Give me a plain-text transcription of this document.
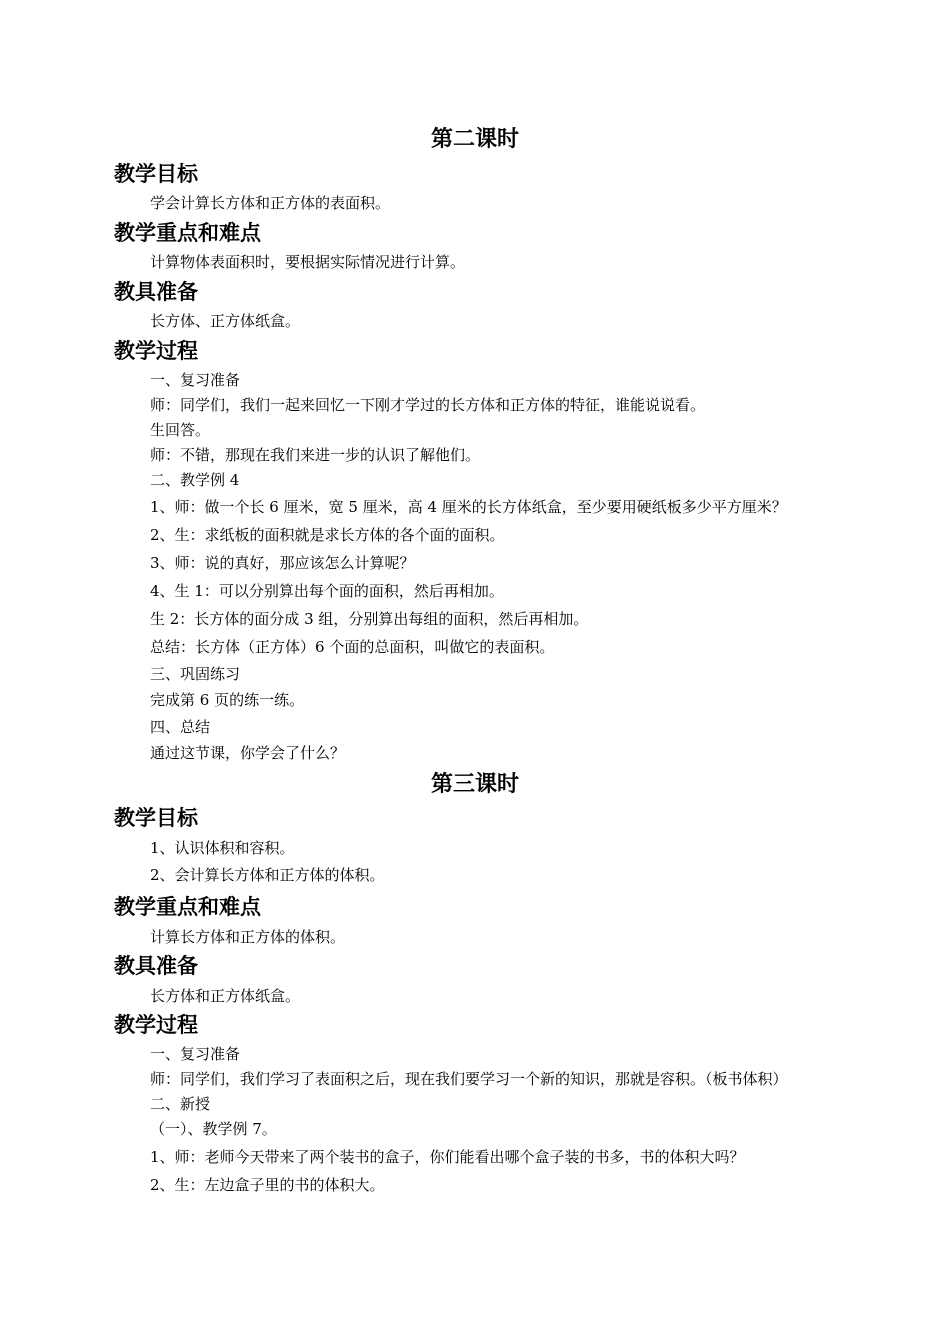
第二课时
教学目标
学会计算长方体和正方体的表面积。
教学重点和难点
计算物体表面积时，要根据实际情况进行计算。
教具准备
长方体、正方体纸盒。
教学过程
一、复习准备
师：同学们，我们一起来回忆一下刚才学过的长方体和正方体的特征，谁能说说看。
生回答。
师：不错，那现在我们来进一步的认识了解他们。
二、教学例 4
1、师：做一个长 6 厘米，宽 5 厘米，高 4 厘米的长方体纸盒，至少要用硬纸板多少平方厘米？
2、生：求纸板的面积就是求长方体的各个面的面积。
3、师：说的真好，那应该怎么计算呢？
4、生 1：可以分别算出每个面的面积，然后再相加。
生 2：长方体的面分成 3 组，分别算出每组的面积，然后再相加。
总结：长方体（正方体）6 个面的总面积，叫做它的表面积。
三、巩固练习
完成第 6 页的练一练。
四、总结
通过这节课，你学会了什么？
第三课时
教学目标
1、认识体积和容积。
2、会计算长方体和正方体的体积。
教学重点和难点
计算长方体和正方体的体积。
教具准备
长方体和正方体纸盒。
教学过程
一、复习准备
师：同学们，我们学习了表面积之后，现在我们要学习一个新的知识，那就是容积。（板书体积）
二、新授
（一）、教学例 7。
1、师：老师今天带来了两个装书的盒子，你们能看出哪个盒子装的书多，书的体积大吗？
2、生：左边盒子里的书的体积大。
